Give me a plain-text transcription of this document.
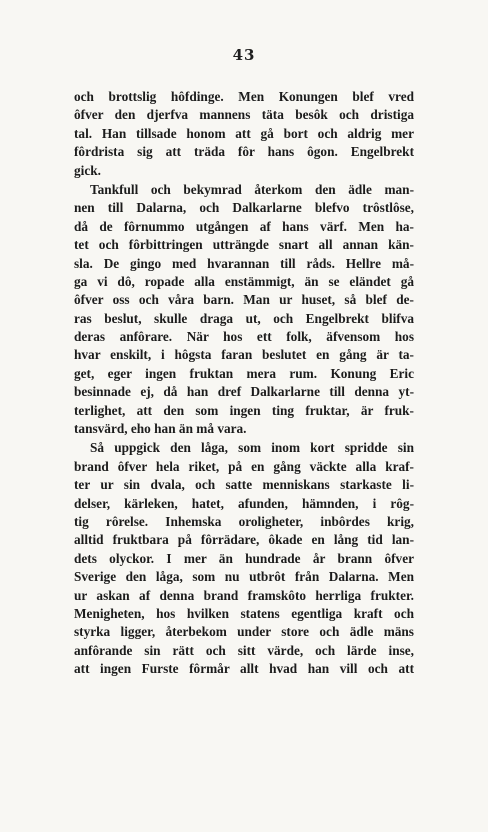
43
och brottslig hôfdinge. Men Konungen blef vred
ôfver den djerfva mannens täta besôk och dristiga
tal. Han tillsade honom att gå bort och aldrig mer
fôrdrista sig att träda fôr hans ôgon. Engelbrekt
gick.
Tankfull och bekymrad återkom den ädle man-
nen till Dalarna, och Dalkarlarne blefvo trôstlôse,
då de fôrnummo utgången af hans värf. Men ha-
tet och fôrbittringen utträngde snart all annan kän-
sla. De gingo med hvarannan till råds. Hellre må-
ga vi dô, ropade alla enstämmigt, än se eländet gå
ôfver oss och våra barn. Man ur huset, så blef de-
ras beslut, skulle draga ut, och Engelbrekt blifva
deras anfôrare. När hos ett folk, äfvensom hos
hvar enskilt, i hôgsta faran beslutet en gång är ta-
get, eger ingen fruktan mera rum. Konung Eric
besinnade ej, då han dref Dalkarlarne till denna yt-
terlighet, att den som ingen ting fruktar, är fruk-
tansvärd, eho han än må vara.
Så uppgick den låga, som inom kort spridde sin
brand ôfver hela riket, på en gång väckte alla kraf-
ter ur sin dvala, och satte menniskans starkaste li-
delser, kärleken, hatet, afunden, hämnden, i rôg-
tig rôrelse. Inhemska oroligheter, inbôrdes krig,
alltid fruktbara på fôrrädare, ôkade en lång tid lan-
dets olyckor. I mer än hundrade år brann ôfver
Sverige den låga, som nu utbrôt från Dalarna. Men
ur askan af denna brand framskôto herrliga frukter.
Menigheten, hos hvilken statens egentliga kraft och
styrka ligger, återbekom under store och ädle mäns
anfôrande sin rätt och sitt värde, och lärde inse,
att ingen Furste fôrmår allt hvad han vill och att
